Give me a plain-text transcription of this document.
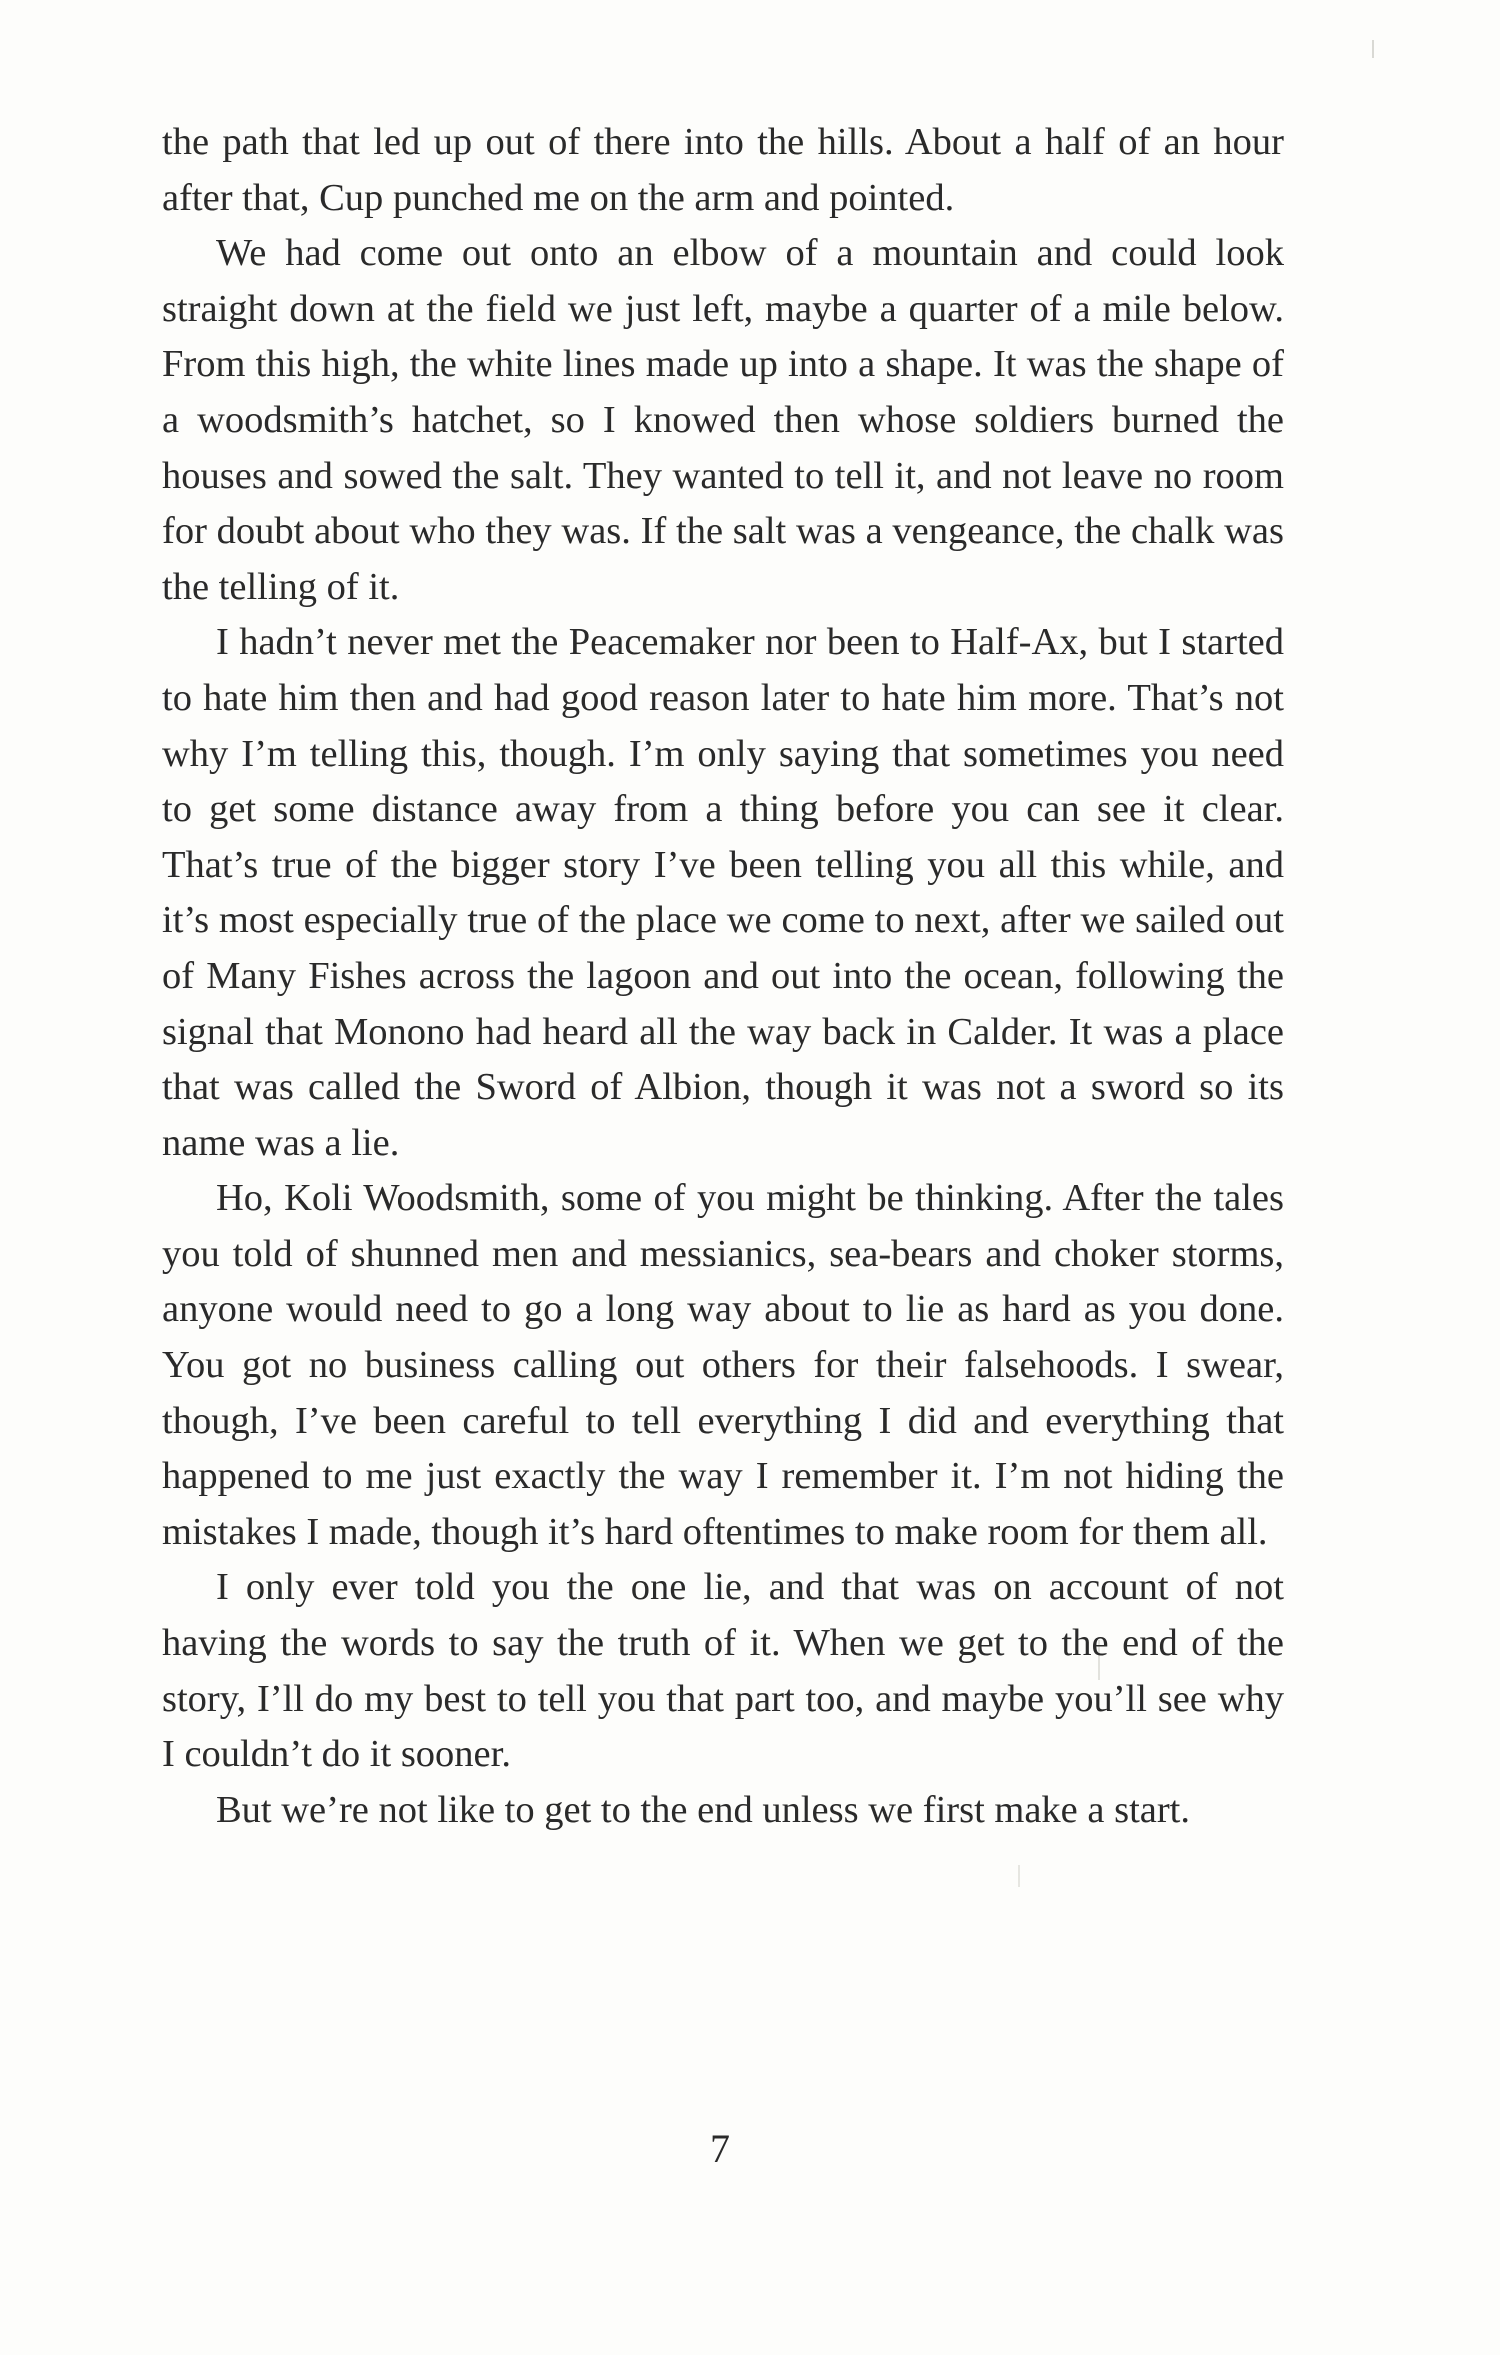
the path that led up out of there into the hills. About a half of an hour after that, Cup punched me on the arm and pointed.

We had come out onto an elbow of a mountain and could look straight down at the field we just left, maybe a quarter of a mile below. From this high, the white lines made up into a shape. It was the shape of a woodsmith’s hatchet, so I knowed then whose soldiers burned the houses and sowed the salt. They wanted to tell it, and not leave no room for doubt about who they was. If the salt was a vengeance, the chalk was the telling of it.

I hadn’t never met the Peacemaker nor been to Half-Ax, but I started to hate him then and had good reason later to hate him more. That’s not why I’m telling this, though. I’m only saying that sometimes you need to get some distance away from a thing before you can see it clear. That’s true of the bigger story I’ve been telling you all this while, and it’s most especially true of the place we come to next, after we sailed out of Many Fishes across the lagoon and out into the ocean, following the signal that Monono had heard all the way back in Calder. It was a place that was called the Sword of Albion, though it was not a sword so its name was a lie.

Ho, Koli Woodsmith, some of you might be thinking. After the tales you told of shunned men and messianics, sea-bears and choker storms, anyone would need to go a long way about to lie as hard as you done. You got no business calling out others for their falsehoods. I swear, though, I’ve been careful to tell everything I did and everything that happened to me just exactly the way I remember it. I’m not hiding the mistakes I made, though it’s hard oftentimes to make room for them all.

I only ever told you the one lie, and that was on account of not having the words to say the truth of it. When we get to the end of the story, I’ll do my best to tell you that part too, and maybe you’ll see why I couldn’t do it sooner.

But we’re not like to get to the end unless we first make a start.

7
